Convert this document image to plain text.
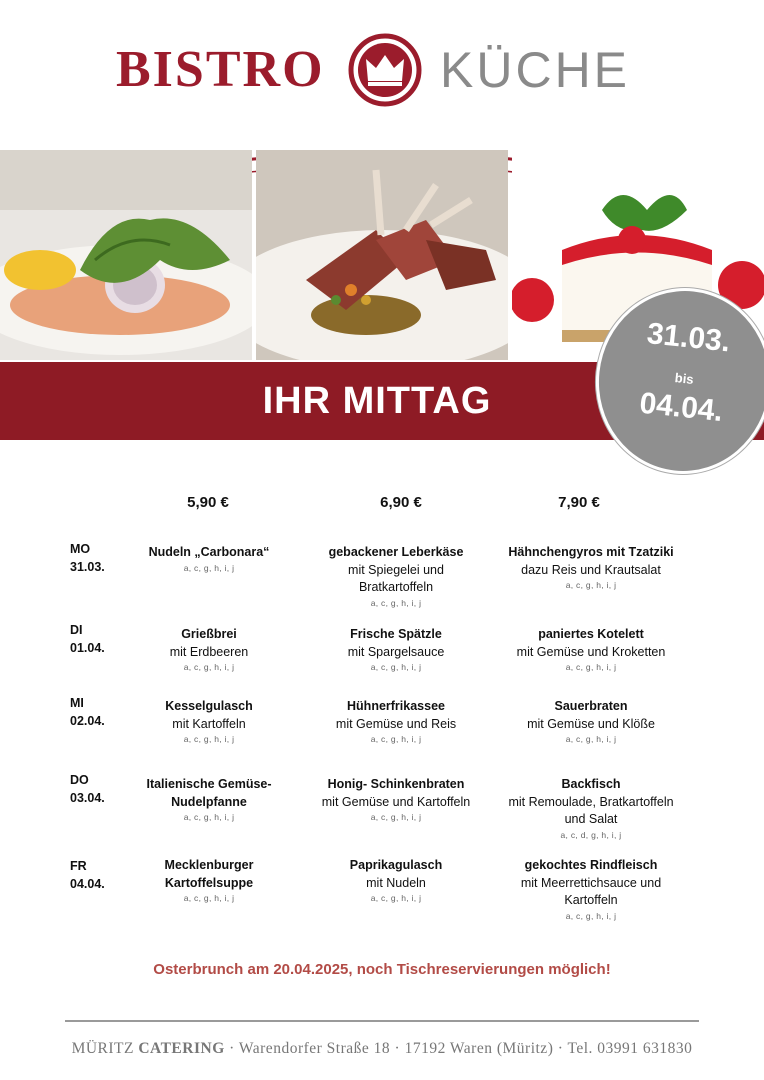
BISTRO KÜCHE
IHR MITTAG
31.03.
bis
04.04.
5,90 €	6,90 €	7,90 €
MO
31.03.
Nudeln „Carbonara“
a, c, g, h, i, j
gebackener Leberkäse
mit Spiegelei und Bratkartoffeln
a, c, g, h, i, j
Hähnchengyros mit Tzatziki
dazu Reis und Krautsalat
a, c, g, h, i, j
DI
01.04.
Grießbrei
mit Erdbeeren
a, c, g, h, i, j
Frische Spätzle
mit Spargelsauce
a, c, g, h, i, j
paniertes Kotelett
mit Gemüse und Kroketten
a, c, g, h, i, j
MI
02.04.
Kesselgulasch
mit Kartoffeln
a, c, g, h, i, j
Hühnerfrikassee
mit Gemüse und Reis
a, c, g, h, i, j
Sauerbraten
mit Gemüse und Klöße
a, c, g, h, i, j
DO
03.04.
Italienische Gemüse-Nudelpfanne
a, c, g, h, i, j
Honig- Schinkenbraten
mit Gemüse und Kartoffeln
a, c, g, h, i, j
Backfisch
mit Remoulade, Bratkartoffeln und Salat
a, c, d, g, h, i, j
FR
04.04.
Mecklenburger Kartoffelsuppe
a, c, g, h, i, j
Paprikagulasch
mit Nudeln
a, c, g, h, i, j
gekochtes Rindfleisch
mit Meerrettichsauce und Kartoffeln
a, c, g, h, i, j
Osterbrunch am 20.04.2025, noch Tischreservierungen möglich!
MÜRITZ CATERING · Warendorfer Straße 18 · 17192 Waren (Müritz) · Tel. 03991 631830
